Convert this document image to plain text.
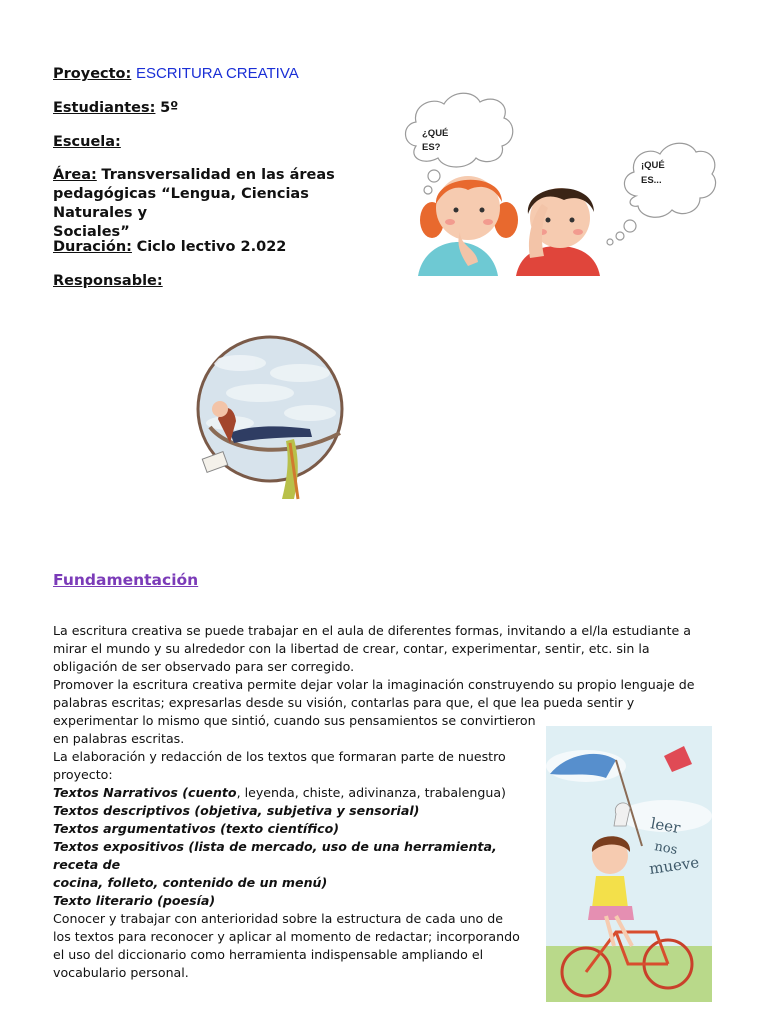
Proyecto: ESCRITURA CREATIVA
Estudiantes: 5º
Escuela:
Área: Transversalidad en las áreas
pedagógicas “Lengua, Ciencias Naturales y
Sociales”
Duración: Ciclo lectivo 2.022
Responsable:
¿QUÉ
ES?
¡QUÉ
ES...
Fundamentación

La escritura creativa se puede trabajar en el aula de diferentes formas, invitando a el/la estudiante a

mirar el mundo y su alrededor con la libertad de crear, contar, experimentar, sentir, etc. sin la

obligación de ser observado para ser corregido.

Promover la escritura creativa permite dejar volar la imaginación construyendo su propio lenguaje de

palabras escritas; expresarlas desde su visión, contarlas para que, el que lea pueda sentir y

experimentar lo mismo que sintió, cuando sus pensamientos se convirtieron

en palabras escritas.

La elaboración y redacción de los textos que formaran parte de nuestro

proyecto:

Textos Narrativos (cuento, leyenda, chiste, adivinanza, trabalengua)

Textos descriptivos (objetiva, subjetiva y sensorial)

Textos argumentativos (texto científico)

Textos expositivos (lista de mercado, uso de una herramienta, receta de

cocina, folleto, contenido de un menú)

Texto literario (poesía)

Conocer y trabajar con anterioridad sobre la estructura de cada uno de

los textos para reconocer y aplicar al momento de redactar; incorporando

el uso del diccionario como herramienta indispensable ampliando el

vocabulario personal.

leer
nos
mueve
